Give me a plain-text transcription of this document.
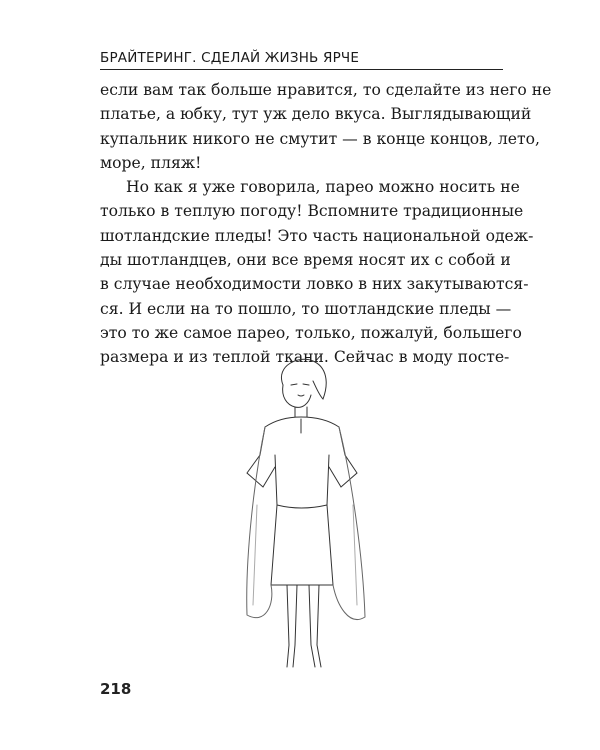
БРАЙТЕРИНГ. СДЕЛАЙ ЖИЗНЬ ЯРЧЕ
если вам так больше нравится, то сделайте из него не
платье, а юбку, тут уж дело вкуса. Выглядывающий
купальник никого не смутит — в конце концов, лето,
море, пляж!
Но как я уже говорила, парео можно носить не
только в теплую погоду! Вспомните традиционные
шотландские пледы! Это часть национальной одеж-
ды шотландцев, они все время носят их с собой и
в случае необходимости ловко в них закутываются-
ся. И если на то пошло, то шотландские пледы —
это то же самое парео, только, пожалуй, большего
размера и из теплой ткани. Сейчас в моду посте-
218
